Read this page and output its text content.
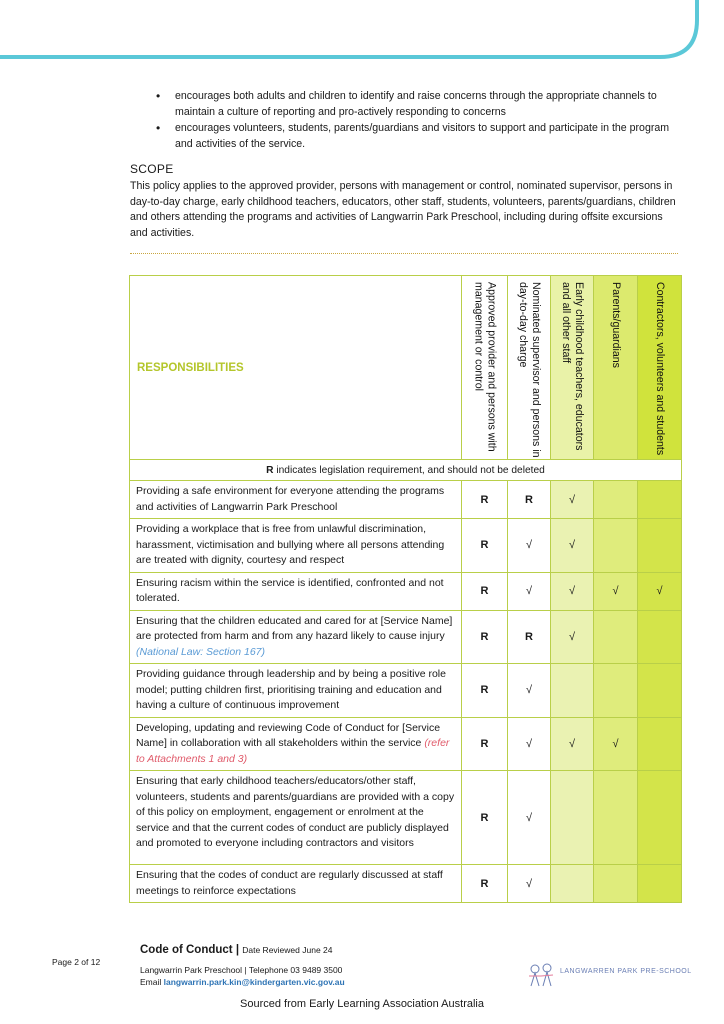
• encourages both adults and children to identify and raise concerns through the appropriate channels to maintain a culture of reporting and pro-actively responding to concerns
• encourages volunteers, students, parents/guardians and visitors to support and participate in the program and activities of the service.
SCOPE
This policy applies to the approved provider, persons with management or control, nominated supervisor, persons in day-to-day charge, early childhood teachers, educators, other staff, students, volunteers, parents/guardians, children and others attending the programs and activities of Langwarrin Park Preschool, including during offsite excursions and activities.
RESPONSIBILITIES	Approved provider and persons with management or control	Nominated supervisor and persons in day-to-day charge	Early childhood teachers, educators and all other staff	Parents/guardians	Contractors, volunteers and students

R indicates legislation requirement, and should not be deleted					
Providing a safe environment for everyone attending the programs and activities of Langwarrin Park Preschool	R	R	√		
Providing a workplace that is free from unlawful discrimination, harassment, victimisation and bullying where all persons attending are treated with dignity, courtesy and respect	R	√	√		
Ensuring racism within the service is identified, confronted and not tolerated.	R	√	√	√	√
Ensuring that the children educated and cared for at [Service Name] are protected from harm and from any hazard likely to cause injury (National Law: Section 167)	R	R	√		
Providing guidance through leadership and by being a positive role model; putting children first, prioritising training and education and having a culture of continuous improvement	R	√			
Developing, updating and reviewing Code of Conduct for [Service Name] in collaboration with all stakeholders within the service (refer to Attachments 1 and 3)	R	√	√	√	
Ensuring that early childhood teachers/educators/other staff, volunteers, students and parents/guardians are provided with a copy of this policy on employment, engagement or enrolment at the service and that the current codes of conduct are publicly displayed and promoted to everyone including contractors and visitors	R	√			
Ensuring that the codes of conduct are regularly discussed at staff meetings to reinforce expectations	R	√			
Page 2 of 12
Code of Conduct | Date Reviewed June 24
Langwarrin Park Preschool | Telephone 03 9489 3500
Email langwarrin.park.kin@kindergarten.vic.gov.au
LANGWARREN PARK PRE-SCHOOL
Sourced from Early Learning Association Australia
